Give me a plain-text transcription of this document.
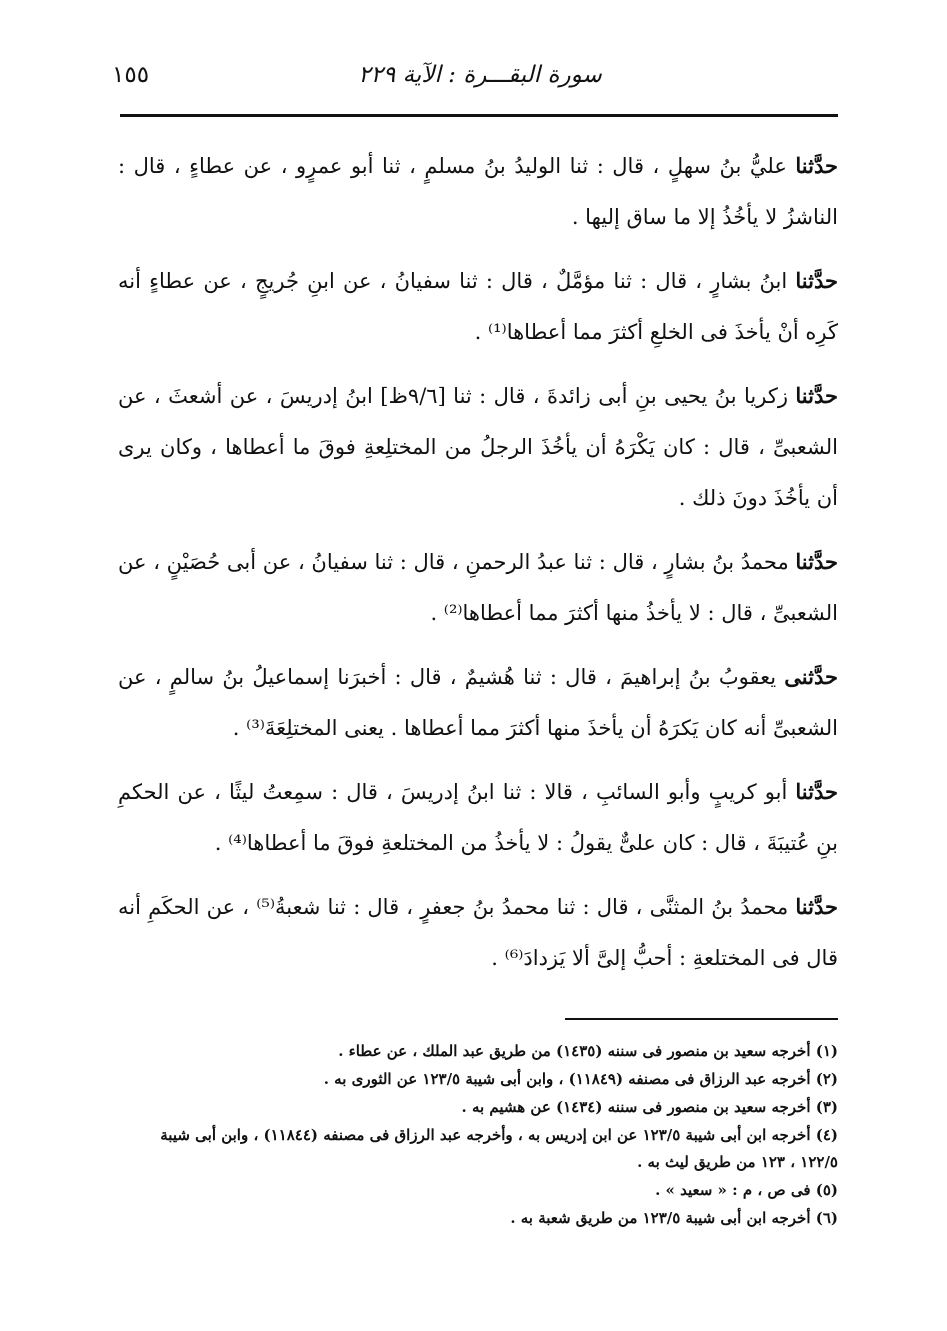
سورة البقـــرة : الآية ٢٢٩
١٥٥

حدَّثنا عليُّ بنُ سهلٍ ، قال : ثنا الوليدُ بنُ مسلمٍ ، ثنا أبو عمرٍو ، عن عطاءٍ ، قال : الناشزُ لا يأخُذُ إلا ما ساق إليها .

حدَّثنا ابنُ بشارٍ ، قال : ثنا مؤمَّلٌ ، قال : ثنا سفيانُ ، عن ابنِ جُريجٍ ، عن عطاءٍ أنه كَرِه أنْ يأخذَ فى الخلعِ أكثرَ مما أعطاها⁽¹⁾ .

حدَّثنا زكريا بنُ يحيى بنِ أبى زائدةَ ، قال : ثنا [٩/٦ظ] ابنُ إدريسَ ، عن أشعثَ ، عن الشعبىِّ ، قال : كان يَكْرَهُ أن يأخُذَ الرجلُ من المختلِعةِ فوقَ ما أعطاها ، وكان يرى أن يأخُذَ دونَ ذلك .

حدَّثنا محمدُ بنُ بشارٍ ، قال : ثنا عبدُ الرحمنِ ، قال : ثنا سفيانُ ، عن أبى حُصَيْنٍ ، عن الشعبىِّ ، قال : لا يأخذُ منها أكثرَ مما أعطاها⁽²⁾ .

حدَّثنى يعقوبُ بنُ إبراهيمَ ، قال : ثنا هُشيمٌ ، قال : أخبرَنا إسماعيلُ بنُ سالمٍ ، عن الشعبىِّ أنه كان يَكرَهُ أن يأخذَ منها أكثرَ مما أعطاها . يعنى المختلِعَةَ⁽³⁾ .

حدَّثنا أبو كريبٍ وأبو السائبِ ، قالا : ثنا ابنُ إدريسَ ، قال : سمِعتُ ليثًا ، عن الحكمِ بنِ عُتيبَةَ ، قال : كان علىٌّ يقولُ : لا يأخذُ من المختلعةِ فوقَ ما أعطاها⁽⁴⁾ .

حدَّثنا محمدُ بنُ المثنَّى ، قال : ثنا محمدُ بنُ جعفرٍ ، قال : ثنا شعبةُ⁽⁵⁾ ، عن الحكَمِ أنه قال فى المختلعةِ : أحبُّ إلىَّ ألا يَزدادَ⁽⁶⁾ .

(١) أخرجه سعيد بن منصور فى سننه (١٤٣٥) من طريق عبد الملك ، عن عطاء .

(٢) أخرجه عبد الرزاق فى مصنفه (١١٨٤٩) ، وابن أبى شيبة ١٢٣/٥ عن الثورى به .

(٣) أخرجه سعيد بن منصور فى سننه (١٤٣٤) عن هشيم به .

(٤) أخرجه ابن أبى شيبة ١٢٣/٥ عن ابن إدريس به ، وأخرجه عبد الرزاق فى مصنفه (١١٨٤٤) ، وابن أبى شيبة ١٢٢/٥ ، ١٢٣ من طريق ليث به .

(٥) فى ص ، م : « سعيد » .

(٦) أخرجه ابن أبى شيبة ١٢٣/٥ من طريق شعبة به .
